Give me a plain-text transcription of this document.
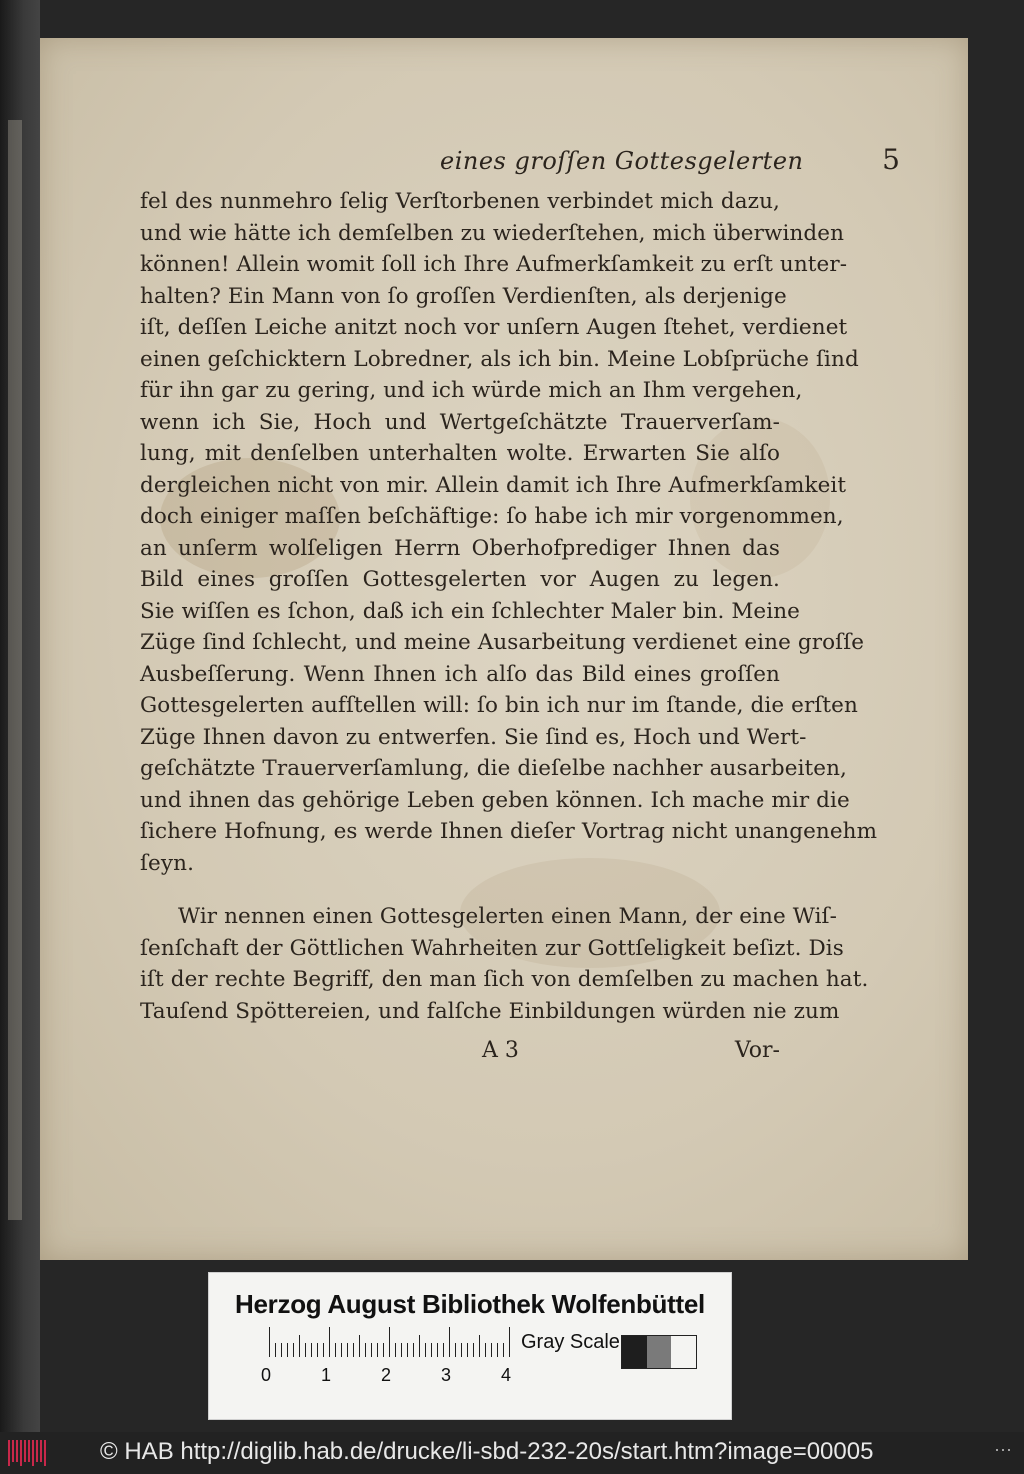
eines groſſen Gottesgelerten	5
fel des nunmehro ſelig Verſtorbenen verbindet mich dazu,
und wie hätte ich demſelben zu wiederſtehen, mich überwinden
können! Allein womit ſoll ich Ihre Aufmerkſamkeit zu erſt unter-
halten? Ein Mann von ſo groſſen Verdienſten, als derjenige
iſt, deſſen Leiche anitzt noch vor unſern Augen ſtehet, verdienet
einen geſchicktern Lobredner, als ich bin. Meine Lobſprüche ſind
für ihn gar zu gering, und ich würde mich an Ihm vergehen,
wenn ich Sie, Hoch und Wertgeſchätzte Trauerverſam-
lung, mit denſelben unterhalten wolte. Erwarten Sie alſo
dergleichen nicht von mir. Allein damit ich Ihre Aufmerkſamkeit
doch einiger maſſen beſchäftige: ſo habe ich mir vorgenommen,
an unſerm wolſeligen Herrn Oberhofprediger Ihnen das
Bild eines groſſen Gottesgelerten vor Augen zu legen.
Sie wiſſen es ſchon, daß ich ein ſchlechter Maler bin. Meine
Züge ſind ſchlecht, und meine Ausarbeitung verdienet eine groſſe
Ausbeſſerung. Wenn Ihnen ich alſo das Bild eines groſſen
Gottesgelerten aufſtellen will: ſo bin ich nur im ſtande, die erſten
Züge Ihnen davon zu entwerfen. Sie ſind es, Hoch und Wert-
geſchätzte Trauerverſamlung, die dieſelbe nachher ausarbeiten,
und ihnen das gehörige Leben geben können. Ich mache mir die
ſichere Hofnung, es werde Ihnen dieſer Vortrag nicht unangenehm
ſeyn.
Wir nennen einen Gottesgelerten einen Mann, der eine Wiſ-
ſenſchaft der Göttlichen Wahrheiten zur Gottſeligkeit beſizt. Dis
iſt der rechte Begriff, den man ſich von demſelben zu machen hat.
Tauſend Spöttereien, und falſche Einbildungen würden nie zum
A 3	Vor-
Herzog August Bibliothek Wolfenbüttel
0	1	2	3	4
Gray Scale
© HAB http://diglib.hab.de/drucke/li-sbd-232-20s/start.htm?image=00005	⋯
